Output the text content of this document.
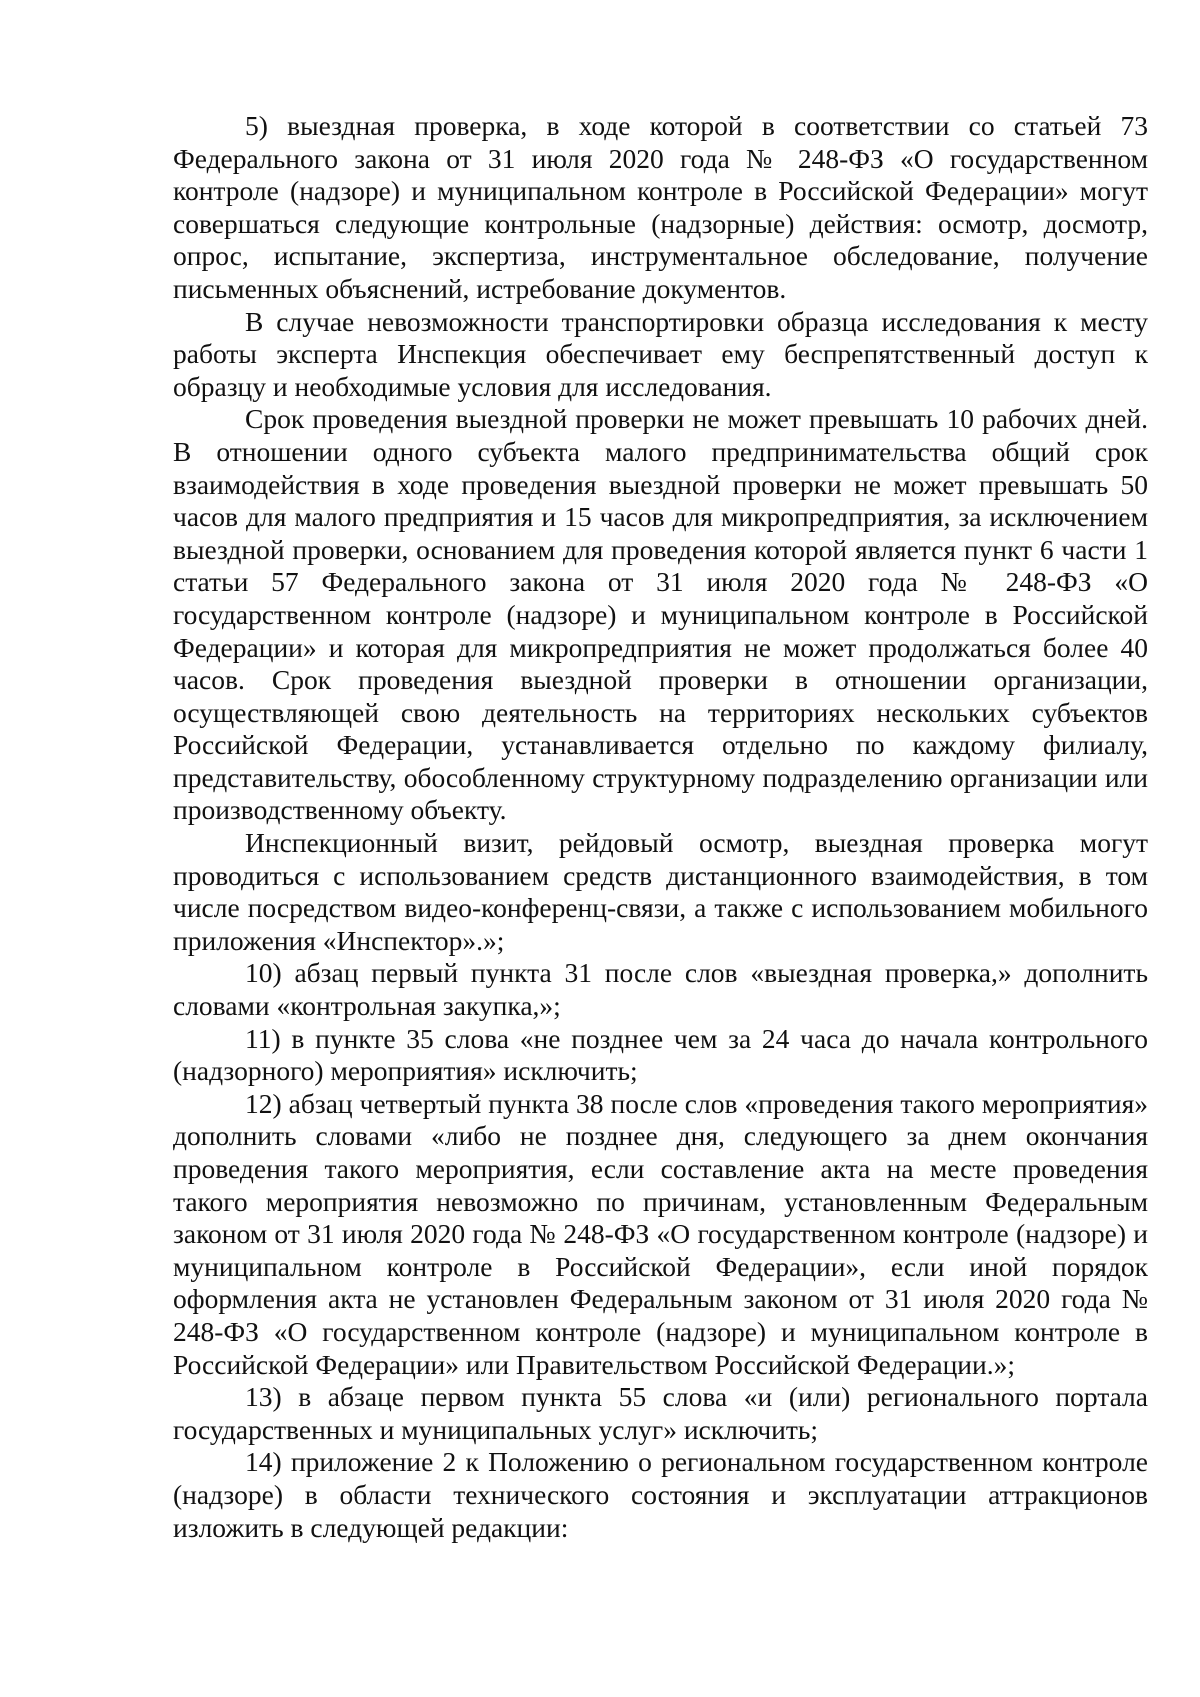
5) выездная проверка, в ходе которой в соответствии со статьей 73 Федерального закона от 31 июля 2020 года № 248-ФЗ «О государственном контроле (надзоре) и муниципальном контроле в Российской Федерации» могут совершаться следующие контрольные (надзорные) действия: осмотр, досмотр, опрос, испытание, экспертиза, инструментальное обследование, получение письменных объяснений, истребование документов.

В случае невозможности транспортировки образца исследования к месту работы эксперта Инспекция обеспечивает ему беспрепятственный доступ к образцу и необходимые условия для исследования.

Срок проведения выездной проверки не может превышать 10 рабочих дней. В отношении одного субъекта малого предпринимательства общий срок взаимодействия в ходе проведения выездной проверки не может превышать 50 часов для малого предприятия и 15 часов для микропредприятия, за исключением выездной проверки, основанием для проведения которой является пункт 6 части 1 статьи 57 Федерального закона от 31 июля 2020 года № 248-ФЗ «О государственном контроле (надзоре) и муниципальном контроле в Российской Федерации» и которая для микропредприятия не может продолжаться более 40 часов. Срок проведения выездной проверки в отношении организации, осуществляющей свою деятельность на территориях нескольких субъектов Российской Федерации, устанавливается отдельно по каждому филиалу, представительству, обособленному структурному подразделению организации или производственному объекту.

Инспекционный визит, рейдовый осмотр, выездная проверка могут проводиться с использованием средств дистанционного взаимодействия, в том числе посредством видео-конференц-связи, а также с использованием мобильного приложения «Инспектор».»;

10) абзац первый пункта 31 после слов «выездная проверка,» дополнить словами «контрольная закупка,»;

11) в пункте 35 слова «не позднее чем за 24 часа до начала контрольного (надзорного) мероприятия» исключить;

12) абзац четвертый пункта 38 после слов «проведения такого мероприятия» дополнить словами «либо не позднее дня, следующего за днем окончания проведения такого мероприятия, если составление акта на месте проведения такого мероприятия невозможно по причинам, установленным Федеральным законом от 31 июля 2020 года № 248-ФЗ «О государственном контроле (надзоре) и муниципальном контроле в Российской Федерации», если иной порядок оформления акта не установлен Федеральным законом от 31 июля 2020 года № 248-ФЗ «О государственном контроле (надзоре) и муниципальном контроле в Российской Федерации» или Правительством Российской Федерации.»;

13) в абзаце первом пункта 55 слова «и (или) регионального портала государственных и муниципальных услуг» исключить;

14) приложение 2 к Положению о региональном государственном контроле (надзоре) в области технического состояния и эксплуатации аттракционов изложить в следующей редакции:
